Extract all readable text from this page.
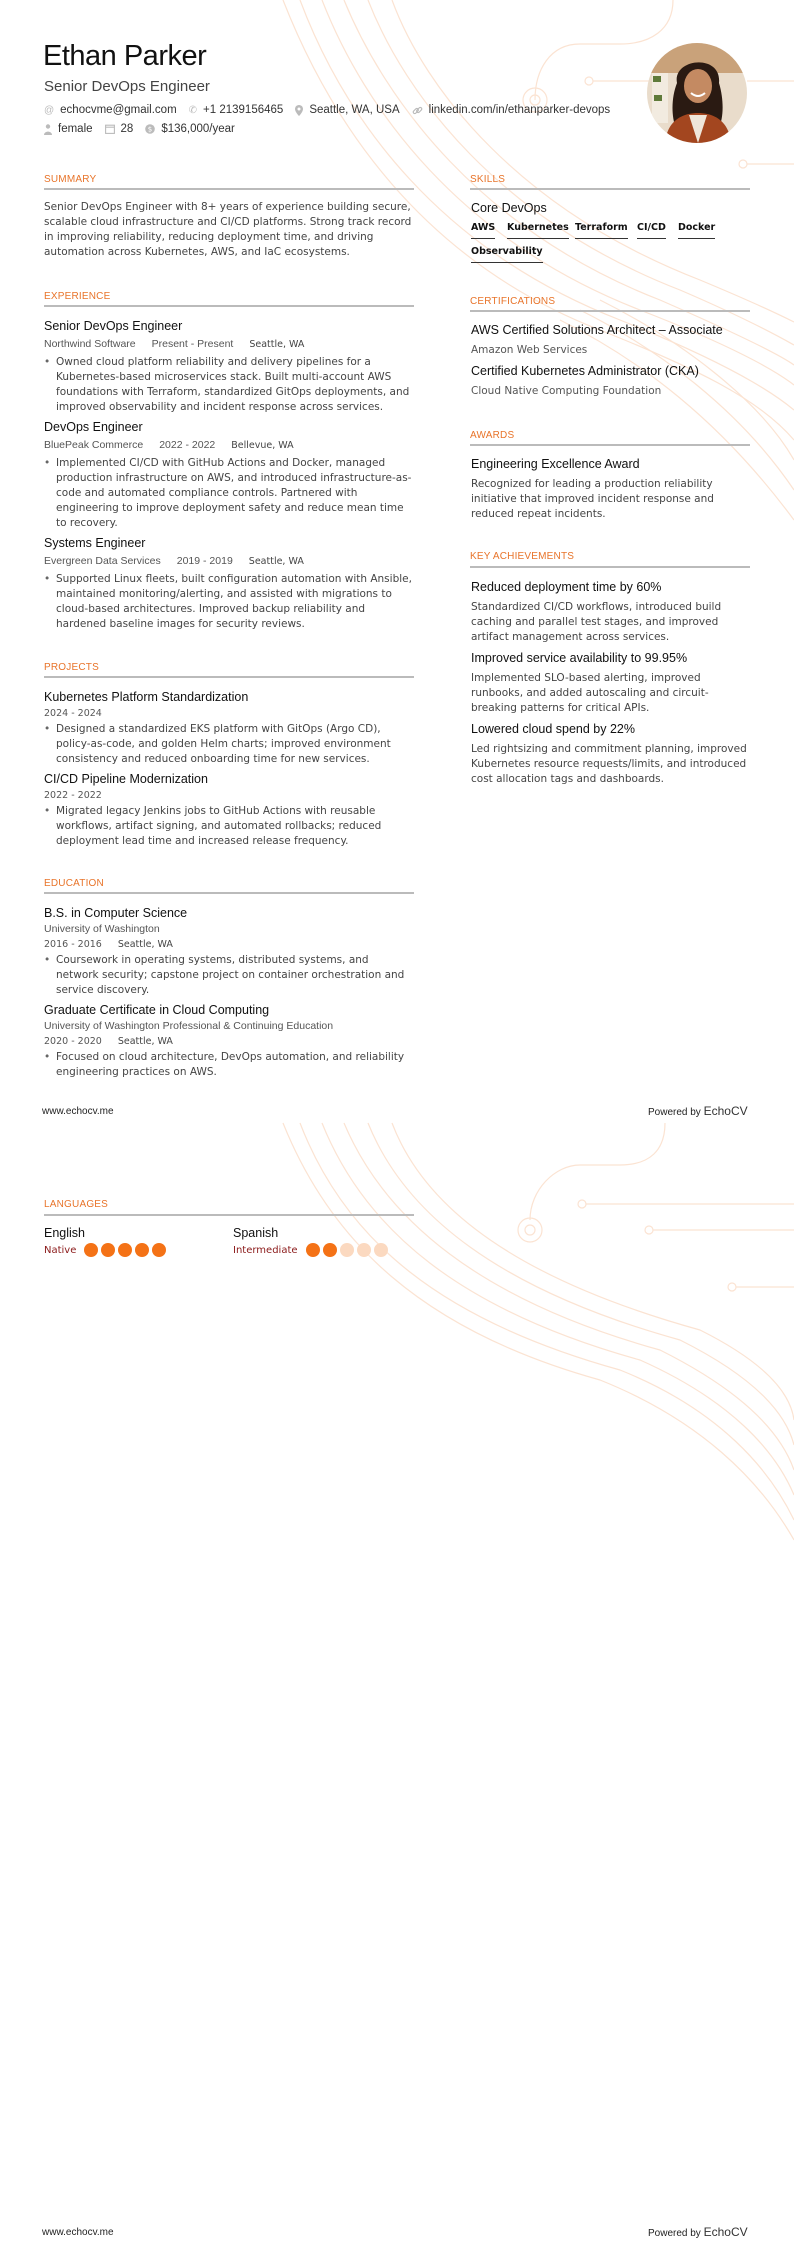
Ethan Parker
Senior DevOps Engineer
@ echocvme@gmail.com ✆ +1 2139156465 Seattle, WA, USA	linkedin.com/in/ethanparker-devops
female 28 $ $136,000/year
SUMMARY

Senior DevOps Engineer with 8+ years of experience building secure, scalable cloud infrastructure and CI/CD platforms. Strong track record in improving reliability, reducing deployment time, and driving automation across Kubernetes, AWS, and IaC ecosystems.

EXPERIENCE
Senior DevOps Engineer
Northwind Software Present - Present Seattle, WA

• Owned cloud platform reliability and delivery pipelines for a Kubernetes-based microservices stack. Built multi-account AWS foundations with Terraform, standardized GitOps deployments, and improved observability and incident response across services.

DevOps Engineer
BluePeak Commerce 2022 - 2022 Bellevue, WA

• Implemented CI/CD with GitHub Actions and Docker, managed production infrastructure on AWS, and introduced infrastructure-as-code and automated compliance controls. Partnered with engineering to improve deployment safety and reduce mean time to recovery.

Systems Engineer
Evergreen Data Services 2019 - 2019 Seattle, WA

• Supported Linux fleets, built configuration automation with Ansible, maintained monitoring/alerting, and assisted with migrations to cloud-based architectures. Improved backup reliability and hardened baseline images for security reviews.

PROJECTS
Kubernetes Platform Standardization
2024 - 2024

• Designed a standardized EKS platform with GitOps (Argo CD), policy-as-code, and golden Helm charts; improved environment consistency and reduced onboarding time for new services.

CI/CD Pipeline Modernization
2022 - 2022

• Migrated legacy Jenkins jobs to GitHub Actions with reusable workflows, artifact signing, and automated rollbacks; reduced deployment lead time and increased release frequency.

EDUCATION
B.S. in Computer Science
University of Washington
2016 - 2016 Seattle, WA

• Coursework in operating systems, distributed systems, and network security; capstone project on container orchestration and service discovery.

Graduate Certificate in Cloud Computing
University of Washington Professional & Continuing Education
2020 - 2020 Seattle, WA

• Focused on cloud architecture, DevOps automation, and reliability engineering practices on AWS.

SKILLS
Core DevOps
AWS Kubernetes Terraform CI/CD Docker
Observability
CERTIFICATIONS
AWS Certified Solutions Architect – Associate
Amazon Web Services
Certified Kubernetes Administrator (CKA)
Cloud Native Computing Foundation
AWARDS
Engineering Excellence Award

Recognized for leading a production reliability initiative that improved incident response and reduced repeat incidents.

KEY ACHIEVEMENTS
Reduced deployment time by 60%

Standardized CI/CD workflows, introduced build caching and parallel test stages, and improved artifact management across services.

Improved service availability to 99.95%

Implemented SLO-based alerting, improved runbooks, and added autoscaling and circuit-breaking patterns for critical APIs.

Lowered cloud spend by 22%

Led rightsizing and commitment planning, improved Kubernetes resource requests/limits, and introduced cost allocation tags and dashboards.

www.echocv.me	Powered by EchoCV
LANGUAGES
English
Native
Spanish
Intermediate
www.echocv.me	Powered by EchoCV
